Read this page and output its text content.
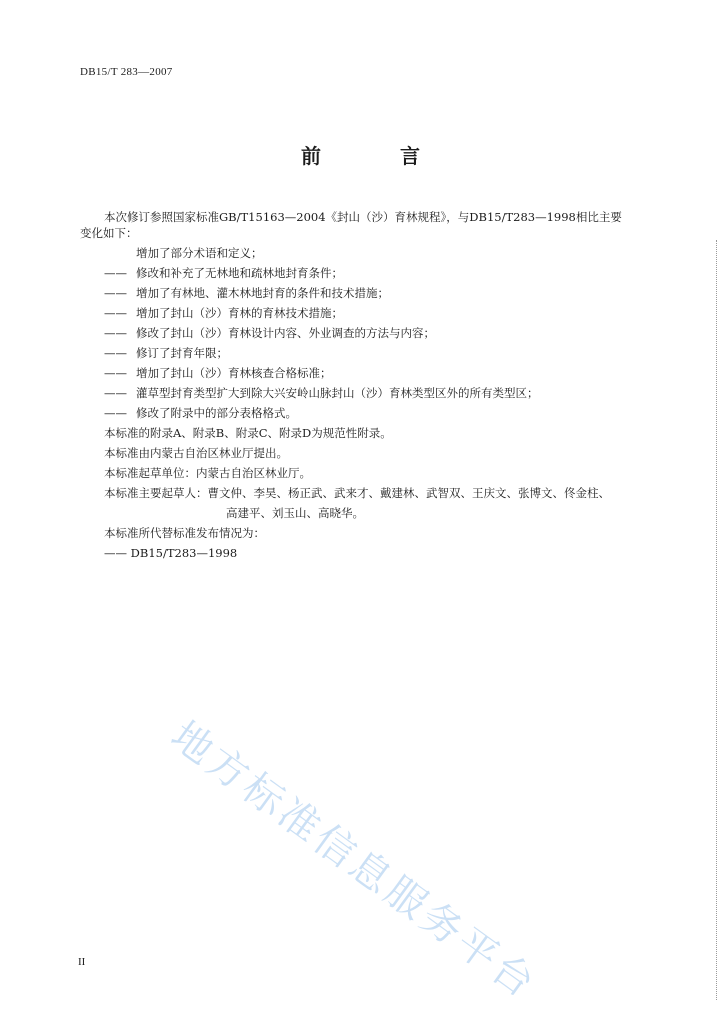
DB15/T 283—2007
前 言
本次修订参照国家标准GB/T15163—2004《封山（沙）育林规程》，与DB15/T283—1998相比主要
变化如下：
增加了部分术语和定义；
—— 修改和补充了无林地和疏林地封育条件；
—— 增加了有林地、灌木林地封育的条件和技术措施；
—— 增加了封山（沙）育林的育林技术措施；
—— 修改了封山（沙）育林设计内容、外业调查的方法与内容；
—— 修订了封育年限；
—— 增加了封山（沙）育林核查合格标准；
—— 灌草型封育类型扩大到除大兴安岭山脉封山（沙）育林类型区外的所有类型区；
—— 修改了附录中的部分表格格式。
本标准的附录A、附录B、附录C、附录D为规范性附录。
本标准由内蒙古自治区林业厅提出。
本标准起草单位：内蒙古自治区林业厅。
本标准主要起草人：曹文仲、李昊、杨正武、武来才、戴建林、武智双、王庆文、张博文、佟金柱、
高建平、刘玉山、高晓华。
本标准所代替标准发布情况为：
—— DB15/T283—1998
地方标准信息服务平台
II
